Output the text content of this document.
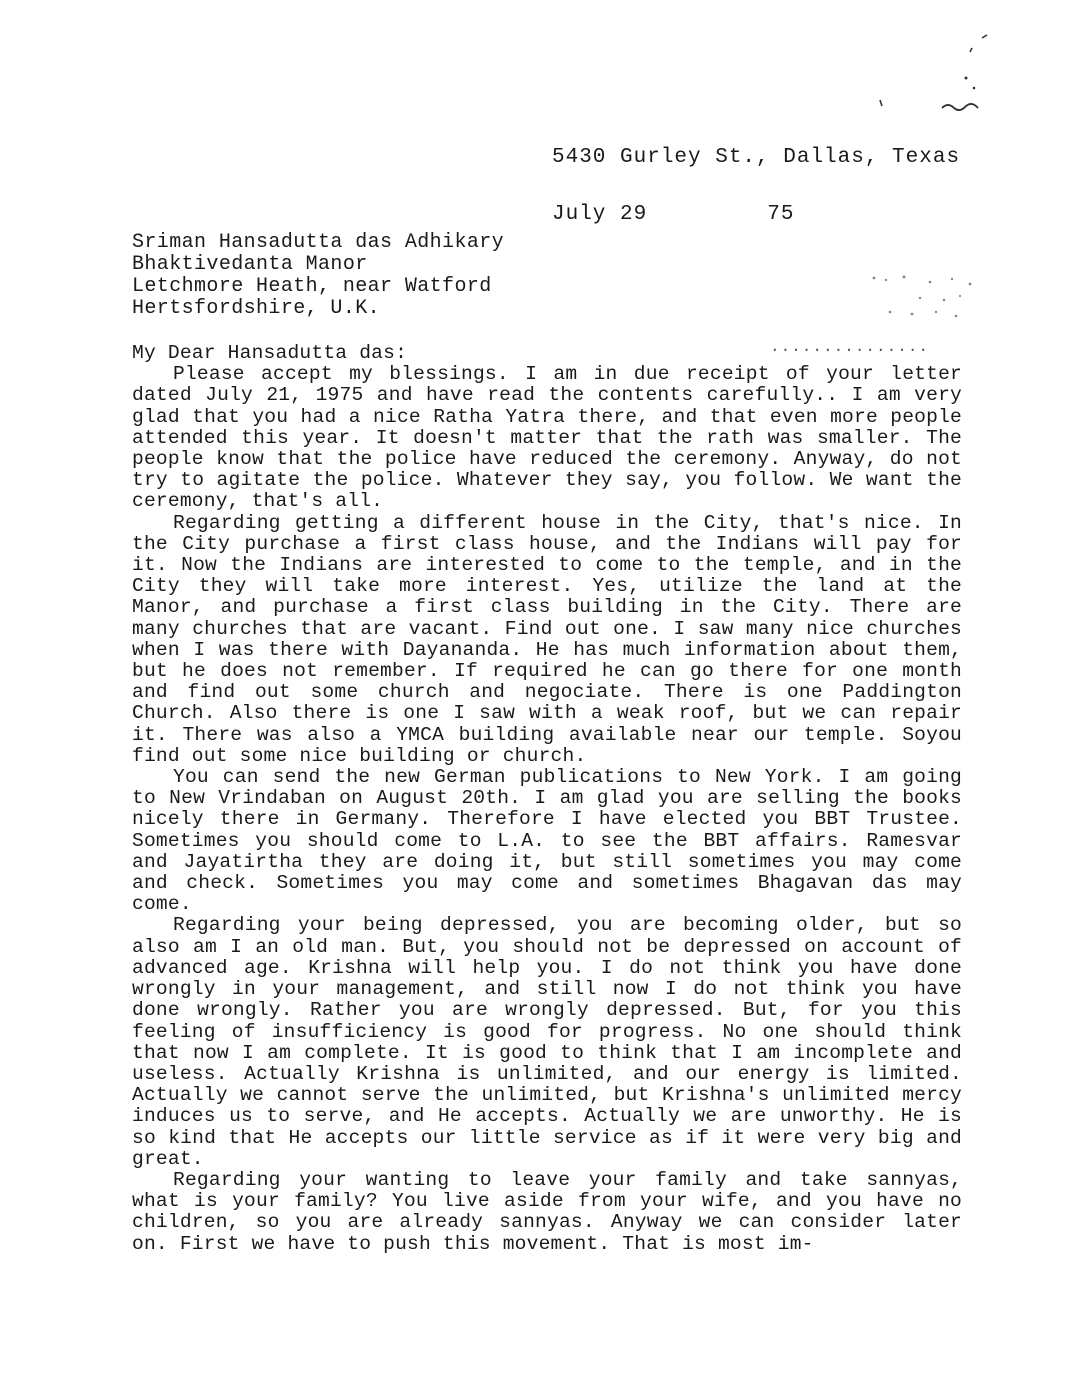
5430 Gurley St., Dallas, Texas
July 29	75
Sriman Hansadutta das Adhikary
Bhaktivedanta Manor
Letchmore Heath, near Watford
Hertsfordshire, U.K.
...............

My Dear Hansadutta das:

Please accept my blessings. I am in due receipt of your letter dated July 21, 1975 and have read the contents carefully.. I am very glad that you had a nice Ratha Yatra there, and that even more people attended this year. It doesn't matter that the rath was smaller. The people know that the police have reduced the ceremony. Anyway, do not try to agitate the police. Whatever they say, you follow. We want the ceremony, that's all.

Regarding getting a different house in the City, that's nice. In the City purchase a first class house, and the Indians will pay for it. Now the Indians are interested to come to the temple, and in the City they will take more interest. Yes, utilize the land at the Manor, and purchase a first class building in the City. There are many churches that are vacant. Find out one. I saw many nice churches when I was there with Dayananda. He has much information about them, but he does not remember. If required he can go there for one month and find out some church and negociate. There is one Paddington Church. Also there is one I saw with a weak roof, but we can repair it. There was also a YMCA building available near our temple. Soyou find out some nice building or church.

You can send the new German publications to New York. I am going to New Vrindaban on August 20th. I am glad you are selling the books nicely there in Germany. Therefore I have elected you BBT Trustee. Sometimes you should come to L.A. to see the BBT affairs. Ramesvar and Jayatirtha they are doing it, but still sometimes you may come and check. Sometimes you may come and sometimes Bhagavan das may come.

Regarding your being depressed, you are becoming older, but so also am I an old man. But, you should not be depressed on account of advanced age. Krishna will help you. I do not think you have done wrongly in your management, and still now I do not think you have done wrongly. Rather you are wrongly depressed. But, for you this feeling of insufficiency is good for progress. No one should think that now I am complete. It is good to think that I am incomplete and useless. Actually Krishna is unlimited, and our energy is limited. Actually we cannot serve the unlimited, but Krishna's unlimited mercy induces us to serve, and He accepts. Actually we are unworthy. He is so kind that He accepts our little service as if it were very big and great.

Regarding your wanting to leave your family and take sannyas, what is your family? You live aside from your wife, and you have no children, so you are already sannyas. Anyway we can consider later on. First we have to push this movement. That is most im-
